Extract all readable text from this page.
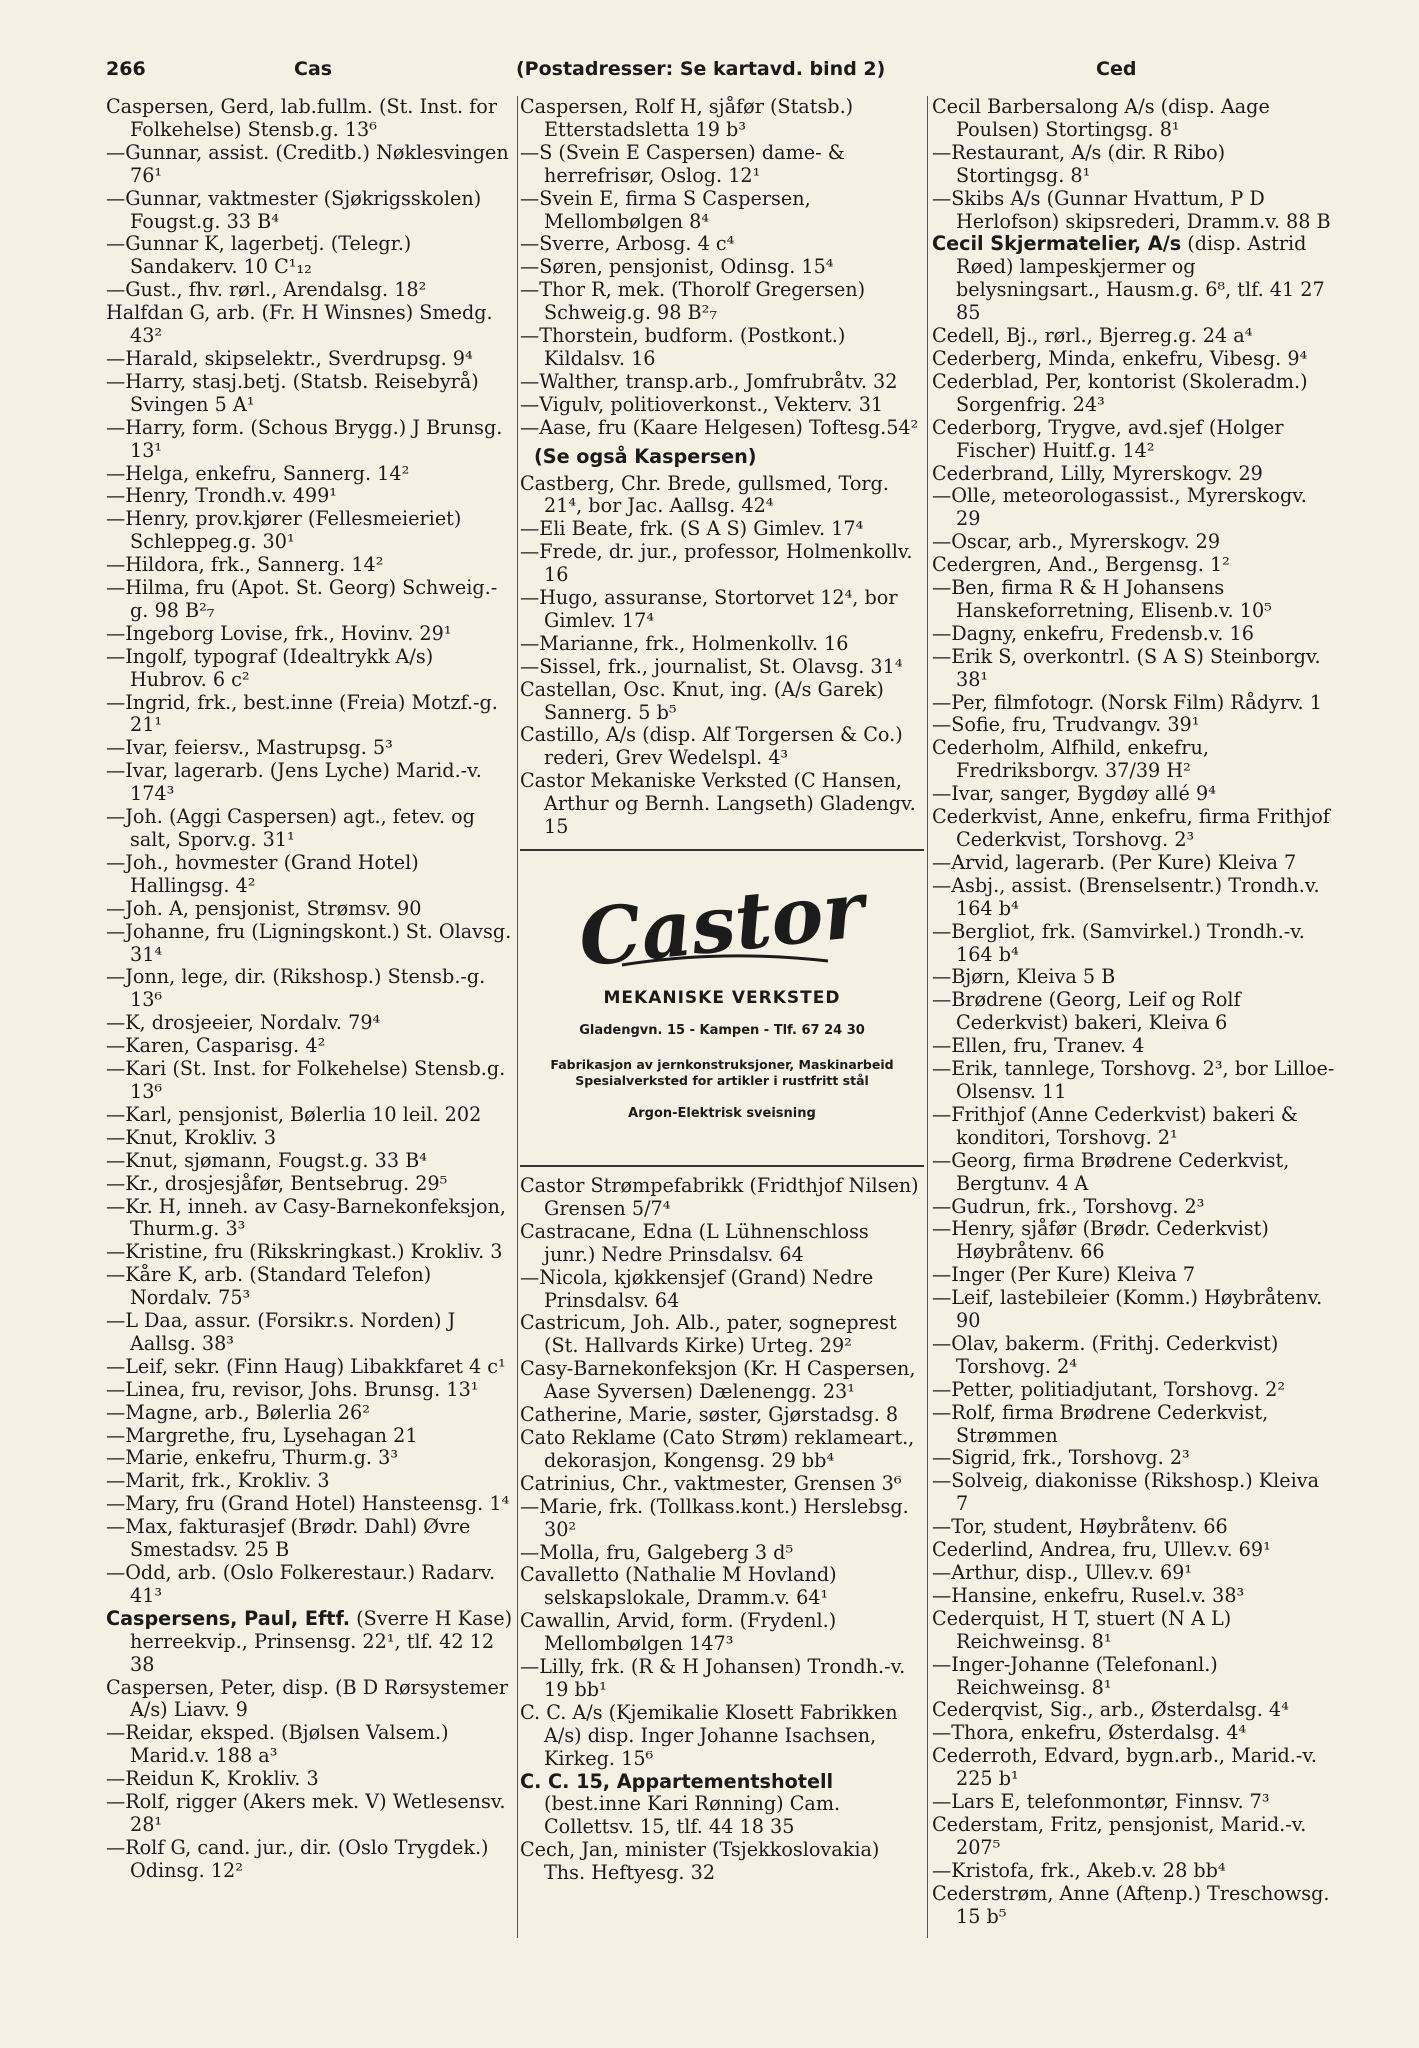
266	Cas	(Postadresser: Se kartavd. bind 2)	Ced

Caspersen, Gerd, lab.fullm. (St. Inst. for Folkehelse) Stensb.g. 13⁶

—Gunnar, assist. (Creditb.) Nøklesvingen 76¹

—Gunnar, vaktmester (Sjøkrigsskolen) Fougst.g. 33 B⁴

—Gunnar K, lagerbetj. (Telegr.) Sandakerv. 10 C¹₁₂

—Gust., fhv. rørl., Arendalsg. 18²

Halfdan G, arb. (Fr. H Winsnes) Smedg. 43²

—Harald, skipselektr., Sverdrupsg. 9⁴

—Harry, stasj.betj. (Statsb. Reisebyrå) Svingen 5 A¹

—Harry, form. (Schous Brygg.) J Brunsg. 13¹

—Helga, enkefru, Sannerg. 14²

—Henry, Trondh.v. 499¹

—Henry, prov.kjører (Fellesmeieriet) Schleppeg.g. 30¹

—Hildora, frk., Sannerg. 14²

—Hilma, fru (Apot. St. Georg) Schweig.-g. 98 B²₇

—Ingeborg Lovise, frk., Hovinv. 29¹

—Ingolf, typograf (Idealtrykk A/s) Hubrov. 6 c²

—Ingrid, frk., best.inne (Freia) Motzf.-g. 21¹

—Ivar, feiersv., Mastrupsg. 5³

—Ivar, lagerarb. (Jens Lyche) Marid.-v. 174³

—Joh. (Aggi Caspersen) agt., fetev. og salt, Sporv.g. 31¹

—Joh., hovmester (Grand Hotel) Hallingsg. 4²

—Joh. A, pensjonist, Strømsv. 90

—Johanne, fru (Ligningskont.) St. Olavsg. 31⁴

—Jonn, lege, dir. (Rikshosp.) Stensb.-g. 13⁶

—K, drosjeeier, Nordalv. 79⁴

—Karen, Casparisg. 4²

—Kari (St. Inst. for Folkehelse) Stensb.g. 13⁶

—Karl, pensjonist, Bølerlia 10 leil. 202

—Knut, Krokliv. 3

—Knut, sjømann, Fougst.g. 33 B⁴

—Kr., drosjesjåfør, Bentsebrug. 29⁵

—Kr. H, inneh. av Casy-Barnekonfeksjon, Thurm.g. 3³

—Kristine, fru (Rikskringkast.) Krokliv. 3

—Kåre K, arb. (Standard Telefon) Nordalv. 75³

—L Daa, assur. (Forsikr.s. Norden) J Aallsg. 38³

—Leif, sekr. (Finn Haug) Libakkfaret 4 c¹

—Linea, fru, revisor, Johs. Brunsg. 13¹

—Magne, arb., Bølerlia 26²

—Margrethe, fru, Lysehagan 21

—Marie, enkefru, Thurm.g. 3³

—Marit, frk., Krokliv. 3

—Mary, fru (Grand Hotel) Hansteensg. 1⁴

—Max, fakturasjef (Brødr. Dahl) Øvre Smestadsv. 25 B

—Odd, arb. (Oslo Folkerestaur.) Radarv. 41³

Caspersens, Paul, Eftf. (Sverre H Kase) herreekvip., Prinsensg. 22¹, tlf. 42 12 38

Caspersen, Peter, disp. (B D Rørsystemer A/s) Liavv. 9

—Reidar, eksped. (Bjølsen Valsem.) Marid.v. 188 a³

—Reidun K, Krokliv. 3

—Rolf, rigger (Akers mek. V) Wetlesensv. 28¹

—Rolf G, cand. jur., dir. (Oslo Trygdek.) Odinsg. 12²

Caspersen, Rolf H, sjåfør (Statsb.) Etterstadsletta 19 b³

—S (Svein E Caspersen) dame- & herrefrisør, Oslog. 12¹

—Svein E, firma S Caspersen, Mellombølgen 8⁴

—Sverre, Arbosg. 4 c⁴

—Søren, pensjonist, Odinsg. 15⁴

—Thor R, mek. (Thorolf Gregersen) Schweig.g. 98 B²₇

—Thorstein, budform. (Postkont.) Kildalsv. 16

—Walther, transp.arb., Jomfrubråtv. 32

—Vigulv, politioverkonst., Vekterv. 31

—Aase, fru (Kaare Helgesen) Toftesg.54²

(Se også Kaspersen)

Castberg, Chr. Brede, gullsmed, Torg. 21⁴, bor Jac. Aallsg. 42⁴

—Eli Beate, frk. (S A S) Gimlev. 17⁴

—Frede, dr. jur., professor, Holmenkollv. 16

—Hugo, assuranse, Stortorvet 12⁴, bor Gimlev. 17⁴

—Marianne, frk., Holmenkollv. 16

—Sissel, frk., journalist, St. Olavsg. 31⁴

Castellan, Osc. Knut, ing. (A/s Garek) Sannerg. 5 b⁵

Castillo, A/s (disp. Alf Torgersen & Co.) rederi, Grev Wedelspl. 4³

Castor Mekaniske Verksted (C Hansen, Arthur og Bernh. Langseth) Gladengv. 15

Castor
MEKANISKE VERKSTED
Gladengvn. 15 - Kampen - Tlf. 67 24 30
Fabrikasjon av jernkonstruksjoner, Maskinarbeid
Spesialverksted for artikler i rustfritt stål
Argon-Elektrisk sveisning

Castor Strømpefabrikk (Fridthjof Nilsen) Grensen 5/7⁴

Castracane, Edna (L Lühnenschloss junr.) Nedre Prinsdalsv. 64

—Nicola, kjøkkensjef (Grand) Nedre Prinsdalsv. 64

Castricum, Joh. Alb., pater, sogneprest (St. Hallvards Kirke) Urteg. 29²

Casy-Barnekonfeksjon (Kr. H Caspersen, Aase Syversen) Dælenengg. 23¹

Catherine, Marie, søster, Gjørstadsg. 8

Cato Reklame (Cato Strøm) reklameart., dekorasjon, Kongensg. 29 bb⁴

Catrinius, Chr., vaktmester, Grensen 3⁶

—Marie, frk. (Tollkass.kont.) Herslebsg. 30²

—Molla, fru, Galgeberg 3 d⁵

Cavalletto (Nathalie M Hovland) selskapslokale, Dramm.v. 64¹

Cawallin, Arvid, form. (Frydenl.) Mellombølgen 147³

—Lilly, frk. (R & H Johansen) Trondh.-v. 19 bb¹

C. C. A/s (Kjemikalie Klosett Fabrikken A/s) disp. Inger Johanne Isachsen, Kirkeg. 15⁶

C. C. 15, Appartementshotell (best.inne Kari Rønning) Cam. Collettsv. 15, tlf. 44 18 35

Cech, Jan, minister (Tsjekkoslovakia) Ths. Heftyesg. 32

Cecil Barbersalong A/s (disp. Aage Poulsen) Stortingsg. 8¹

—Restaurant, A/s (dir. R Ribo) Stortingsg. 8¹

—Skibs A/s (Gunnar Hvattum, P D Herlofson) skipsrederi, Dramm.v. 88 B

Cecil Skjermatelier, A/s (disp. Astrid Røed) lampeskjermer og belysningsart., Hausm.g. 6⁸, tlf. 41 27 85

Cedell, Bj., rørl., Bjerreg.g. 24 a⁴

Cederberg, Minda, enkefru, Vibesg. 9⁴

Cederblad, Per, kontorist (Skoleradm.) Sorgenfrig. 24³

Cederborg, Trygve, avd.sjef (Holger Fischer) Huitf.g. 14²

Cederbrand, Lilly, Myrerskogv. 29

—Olle, meteorologassist., Myrerskogv. 29

—Oscar, arb., Myrerskogv. 29

Cedergren, And., Bergensg. 1²

—Ben, firma R & H Johansens Hanskeforretning, Elisenb.v. 10⁵

—Dagny, enkefru, Fredensb.v. 16

—Erik S, overkontrl. (S A S) Steinborgv. 38¹

—Per, filmfotogr. (Norsk Film) Rådyrv. 1

—Sofie, fru, Trudvangv. 39¹

Cederholm, Alfhild, enkefru, Fredriksborgv. 37/39 H²

—Ivar, sanger, Bygdøy allé 9⁴

Cederkvist, Anne, enkefru, firma Frithjof Cederkvist, Torshovg. 2³

—Arvid, lagerarb. (Per Kure) Kleiva 7

—Asbj., assist. (Brenselsentr.) Trondh.v. 164 b⁴

—Bergliot, frk. (Samvirkel.) Trondh.-v. 164 b⁴

—Bjørn, Kleiva 5 B

—Brødrene (Georg, Leif og Rolf Cederkvist) bakeri, Kleiva 6

—Ellen, fru, Tranev. 4

—Erik, tannlege, Torshovg. 2³, bor Lilloe-Olsensv. 11

—Frithjof (Anne Cederkvist) bakeri & konditori, Torshovg. 2¹

—Georg, firma Brødrene Cederkvist, Bergtunv. 4 A

—Gudrun, frk., Torshovg. 2³

—Henry, sjåfør (Brødr. Cederkvist) Høybråtenv. 66

—Inger (Per Kure) Kleiva 7

—Leif, lastebileier (Komm.) Høybråtenv. 90

—Olav, bakerm. (Frithj. Cederkvist) Torshovg. 2⁴

—Petter, politiadjutant, Torshovg. 2²

—Rolf, firma Brødrene Cederkvist, Strømmen

—Sigrid, frk., Torshovg. 2³

—Solveig, diakonisse (Rikshosp.) Kleiva 7

—Tor, student, Høybråtenv. 66

Cederlind, Andrea, fru, Ullev.v. 69¹

—Arthur, disp., Ullev.v. 69¹

—Hansine, enkefru, Rusel.v. 38³

Cederquist, H T, stuert (N A L) Reichweinsg. 8¹

—Inger-Johanne (Telefonanl.) Reichweinsg. 8¹

Cederqvist, Sig., arb., Østerdalsg. 4⁴

—Thora, enkefru, Østerdalsg. 4⁴

Cederroth, Edvard, bygn.arb., Marid.-v. 225 b¹

—Lars E, telefonmontør, Finnsv. 7³

Cederstam, Fritz, pensjonist, Marid.-v. 207⁵

—Kristofa, frk., Akeb.v. 28 bb⁴

Cederstrøm, Anne (Aftenp.) Treschowsg. 15 b⁵
